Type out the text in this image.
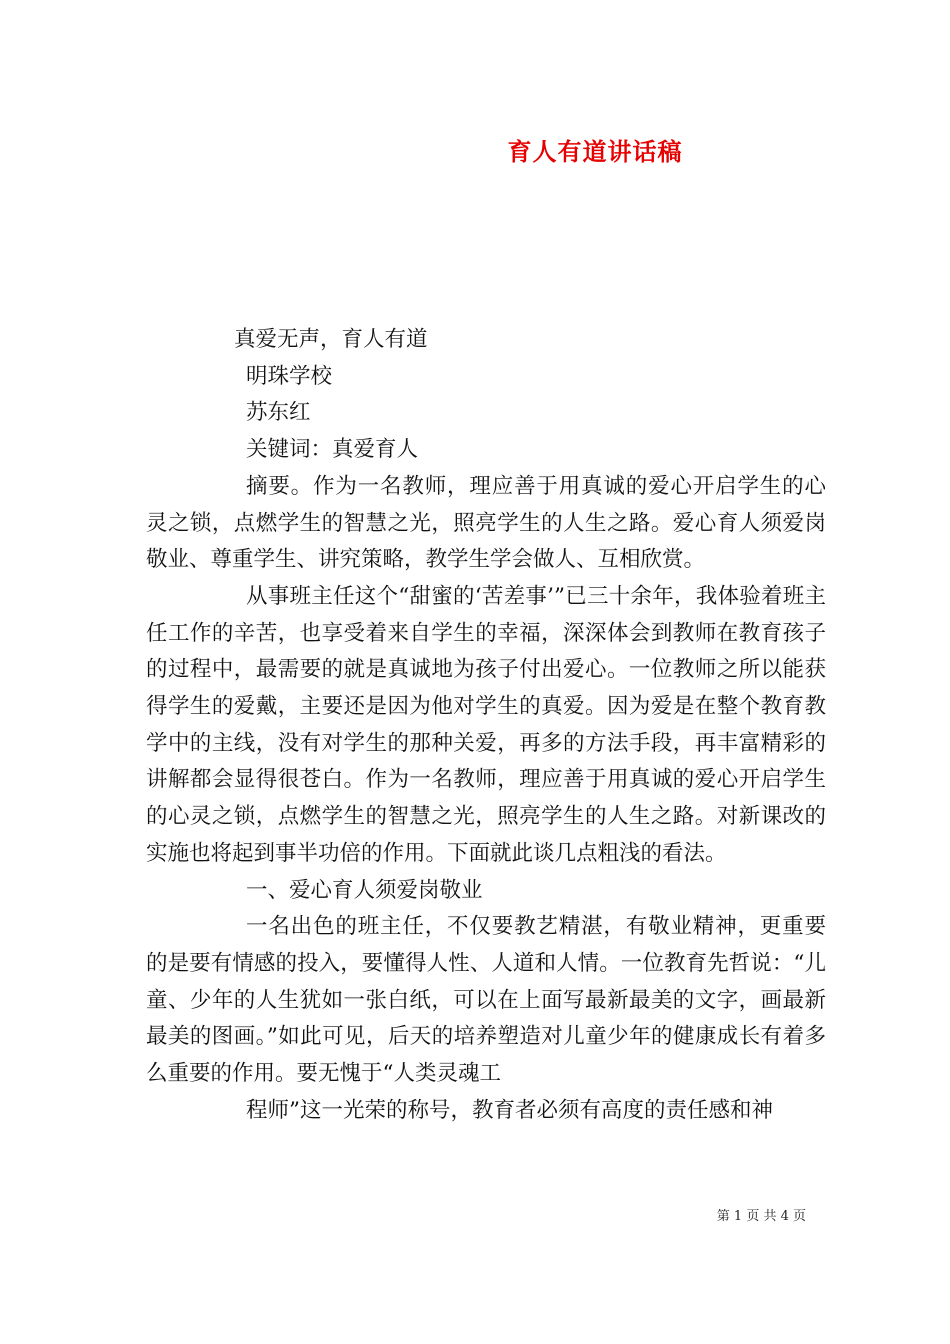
育人有道讲话稿

真爱无声，育人有道

明珠学校

苏东红

关键词：真爱育人

摘要。作为一名教师，理应善于用真诚的爱心开启学生的心灵之锁，点燃学生的智慧之光，照亮学生的人生之路。爱心育人须爱岗敬业、尊重学生、讲究策略，教学生学会做人、互相欣赏。

从事班主任这个“甜蜜的‘苦差事’”已三十余年，我体验着班主任工作的辛苦，也享受着来自学生的幸福，深深体会到教师在教育孩子的过程中，最需要的就是真诚地为孩子付出爱心。一位教师之所以能获得学生的爱戴，主要还是因为他对学生的真爱。因为爱是在整个教育教学中的主线，没有对学生的那种关爱，再多的方法手段，再丰富精彩的讲解都会显得很苍白。作为一名教师，理应善于用真诚的爱心开启学生的心灵之锁，点燃学生的智慧之光，照亮学生的人生之路。对新课改的实施也将起到事半功倍的作用。下面就此谈几点粗浅的看法。

一、爱心育人须爱岗敬业

一名出色的班主任，不仅要教艺精湛，有敬业精神，更重要的是要有情感的投入，要懂得人性、人道和人情。一位教育先哲说：“儿童、少年的人生犹如一张白纸，可以在上面写最新最美的文字，画最新最美的图画。”如此可见，后天的培养塑造对儿童少年的健康成长有着多么重要的作用。要无愧于“人类灵魂工

程师”这一光荣的称号，教育者必须有高度的责任感和神

第 1 页 共 4 页
